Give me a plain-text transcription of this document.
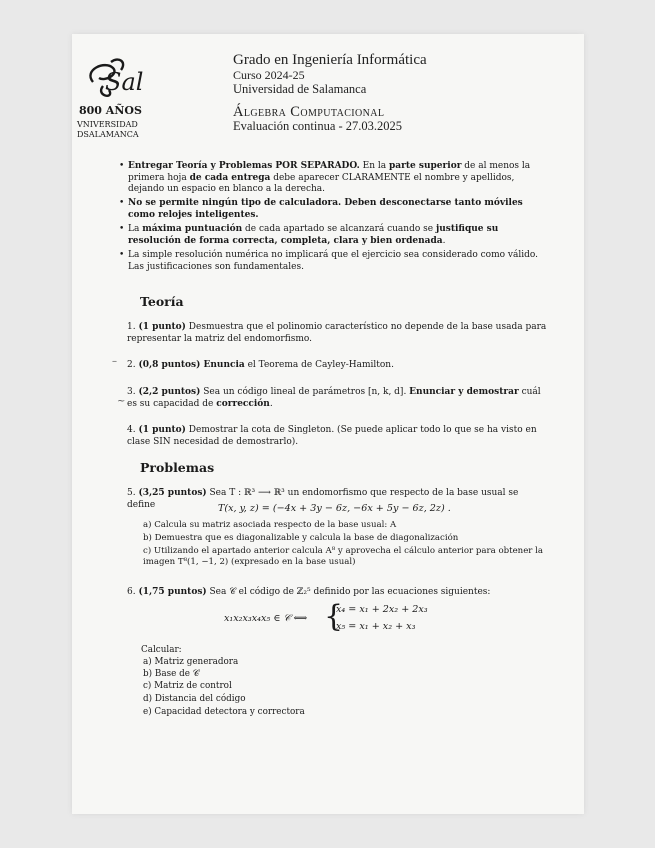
Sal
800 AÑOS
VNIVERSIDAD
DSALAMANCA
Grado en Ingeniería Informática
Curso 2024-25
Universidad de Salamanca
Álgebra Computacional
Evaluación continua - 27.03.2025
• Entregar Teoría y Problemas POR SEPARADO. En la parte superior de al menos la primera hoja de cada entrega debe aparecer CLARAMENTE el nombre y apellidos, dejando un espacio en blanco a la derecha.
• No se permite ningún tipo de calculadora. Deben desconectarse tanto móviles como relojes inteligentes.
• La máxima puntuación de cada apartado se alcanzará cuando se justifique su resolución de forma correcta, completa, clara y bien ordenada.
• La simple resolución numérica no implicará que el ejercicio sea considerado como válido. Las justificaciones son fundamentales.
Teoría
1. (1 punto) Desmuestra que el polinomio característico no depende de la base usada para representar la matriz del endomorfismo.
– 2. (0,8 puntos) Enuncia el Teorema de Cayley-Hamilton.
~
3. (2,2 puntos) Sea un código lineal de parámetros [n, k, d]. Enunciar y demostrar cuál es su capacidad de corrección.
4. (1 punto) Demostrar la cota de Singleton. (Se puede aplicar todo lo que se ha visto en clase SIN necesidad de demostrarlo).
Problemas
5. (3,25 puntos) Sea T : ℝ³ ⟶ ℝ³ un endomorfismo que respecto de la base usual se define	T(x, y, z) = (−4x + 3y − 6z, −6x + 5y − 6z, 2z) .
a) Calcula su matriz asociada respecto de la base usual: A
b) Demuestra que es diagonalizable y calcula la base de diagonalización
c) Utilizando el apartado anterior calcula A⁸ y aprovecha el cálculo anterior para obtener la imagen T⁸(1, −1, 2) (expresado en la base usual)
6. (1,75 puntos) Sea 𝒞 el código de ℤ₂⁵ definido por las ecuaciones siguientes:
x₁x₂x₃x₄x₅ ∈ 𝒞 ⟺ {
x₄ = x₁ + 2x₂ + 2x₃
x₅ = x₁ + x₂ + x₃
Calcular:
a) Matriz generadora
b) Base de 𝒞
c) Matriz de control
d) Distancia del código
e) Capacidad detectora y correctora
